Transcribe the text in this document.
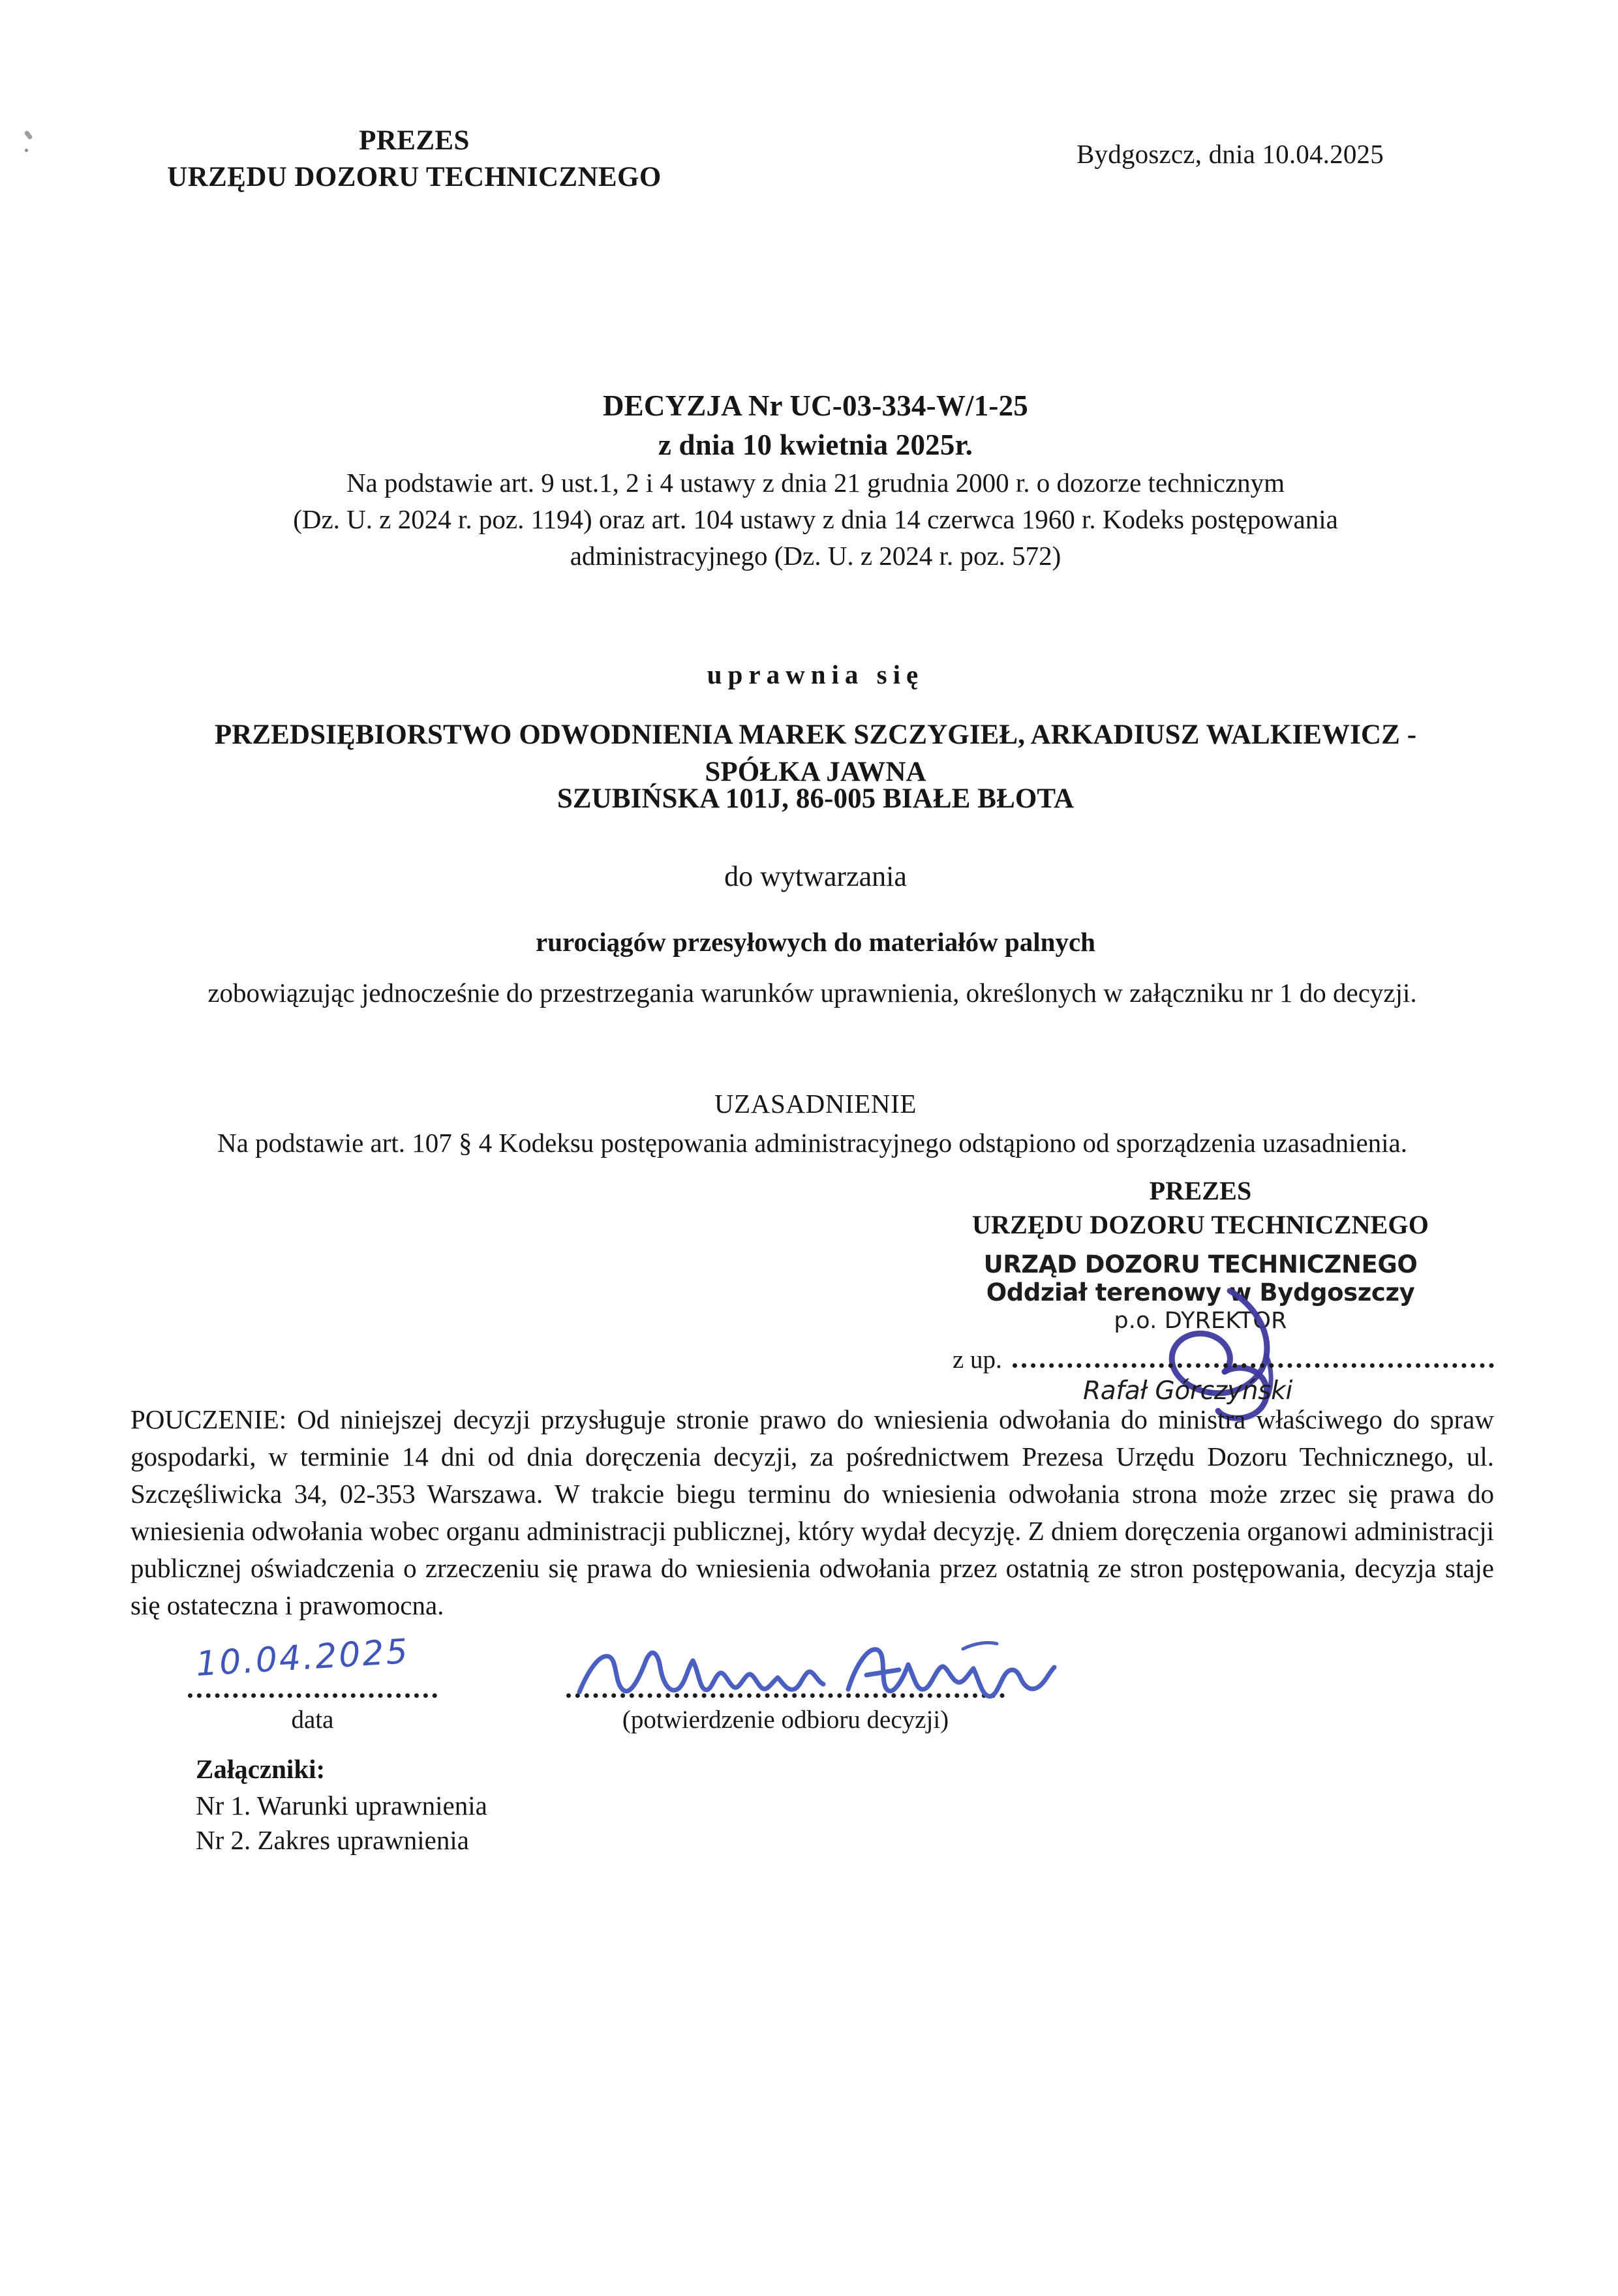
PREZES
URZĘDU DOZORU TECHNICZNEGO
Bydgoszcz, dnia 10.04.2025
DECYZJA Nr UC-03-334-W/1-25
z dnia 10 kwietnia 2025r.
Na podstawie art. 9 ust.1, 2 i 4 ustawy z dnia 21 grudnia 2000 r. o dozorze technicznym
(Dz. U. z 2024 r. poz. 1194) oraz art. 104 ustawy z dnia 14 czerwca 1960 r. Kodeks postępowania
administracyjnego (Dz. U. z 2024 r. poz. 572)
uprawnia się
PRZEDSIĘBIORSTWO ODWODNIENIA MAREK SZCZYGIEŁ, ARKADIUSZ WALKIEWICZ -
SPÓŁKA JAWNA
SZUBIŃSKA 101J, 86-005 BIAŁE BŁOTA
do wytwarzania
rurociągów przesyłowych do materiałów palnych
zobowiązując jednocześnie do przestrzegania warunków uprawnienia, określonych w załączniku nr 1 do decyzji.
UZASADNIENIE
Na podstawie art. 107 § 4 Kodeksu postępowania administracyjnego odstąpiono od sporządzenia uzasadnienia.
PREZES
URZĘDU DOZORU TECHNICZNEGO
URZĄD DOZORU TECHNICZNEGO
Oddział terenowy w Bydgoszczy
p.o. DYREKTOR
z up.
Rafał Górczyński
POUCZENIE: Od niniejszej decyzji przysługuje stronie prawo do wniesienia odwołania do ministra właściwego do spraw gospodarki, w terminie 14 dni od dnia doręczenia decyzji, za pośrednictwem Prezesa Urzędu Dozoru Technicznego, ul. Szczęśliwicka 34, 02-353 Warszawa. W trakcie biegu terminu do wniesienia odwołania strona może zrzec się prawa do wniesienia odwołania wobec organu administracji publicznej, który wydał decyzję. Z dniem doręczenia organowi administracji publicznej oświadczenia o zrzeczeniu się prawa do wniesienia odwołania przez ostatnią ze stron postępowania, decyzja staje się ostateczna i prawomocna.
10.04.2025
data	(potwierdzenie odbioru decyzji)
Załączniki:
Nr 1. Warunki uprawnienia
Nr 2. Zakres uprawnienia
